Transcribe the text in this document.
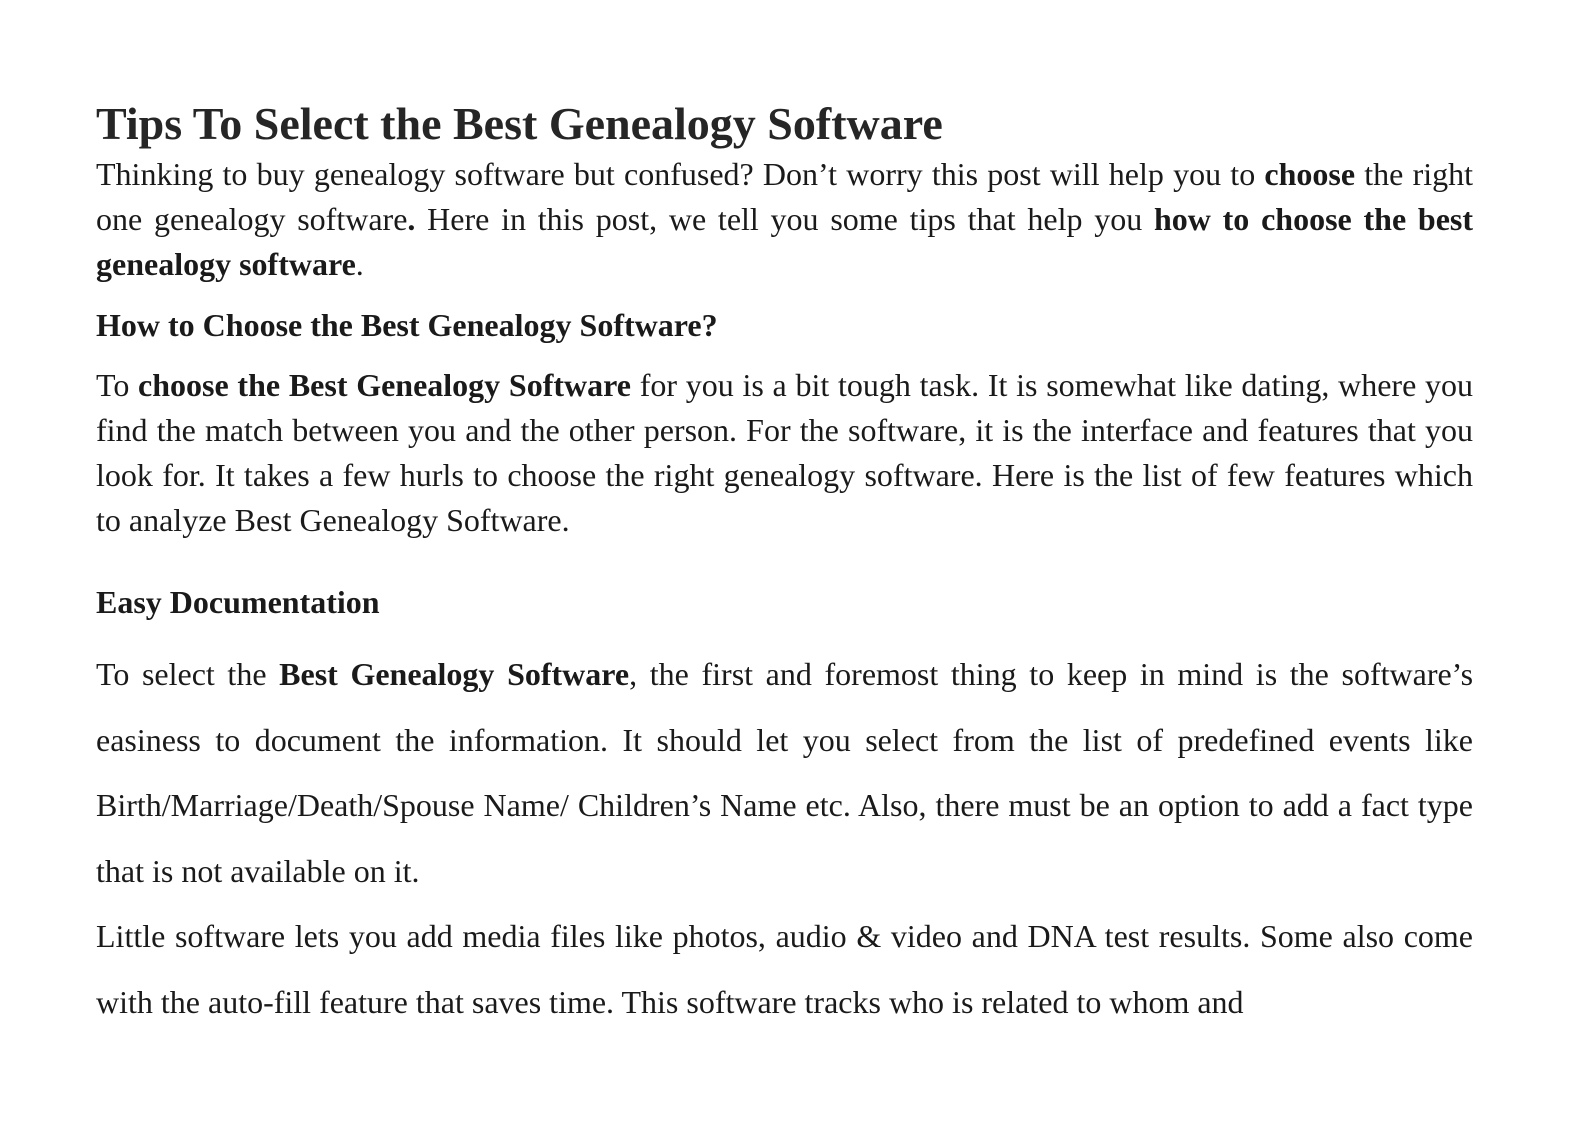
Tips To Select the Best Genealogy Software

Thinking to buy genealogy software but confused? Don’t worry this post will help you to choose the right one genealogy software. Here in this post, we tell you some tips that help you how to choose the best genealogy software.

How to Choose the Best Genealogy Software?

To choose the Best Genealogy Software for you is a bit tough task. It is somewhat like dating, where you find the match between you and the other person. For the software, it is the interface and features that you look for. It takes a few hurls to choose the right genealogy software. Here is the list of few features which to analyze Best Genealogy Software.

Easy Documentation

To select the Best Genealogy Software, the first and foremost thing to keep in mind is the software’s easiness to document the information. It should let you select from the list of predefined events like Birth/Marriage/Death/Spouse Name/ Children’s Name etc. Also, there must be an option to add a fact type that is not available on it.

Little software lets you add media files like photos, audio & video and DNA test results. Some also come with the auto-fill feature that saves time. This software tracks who is related to whom and
